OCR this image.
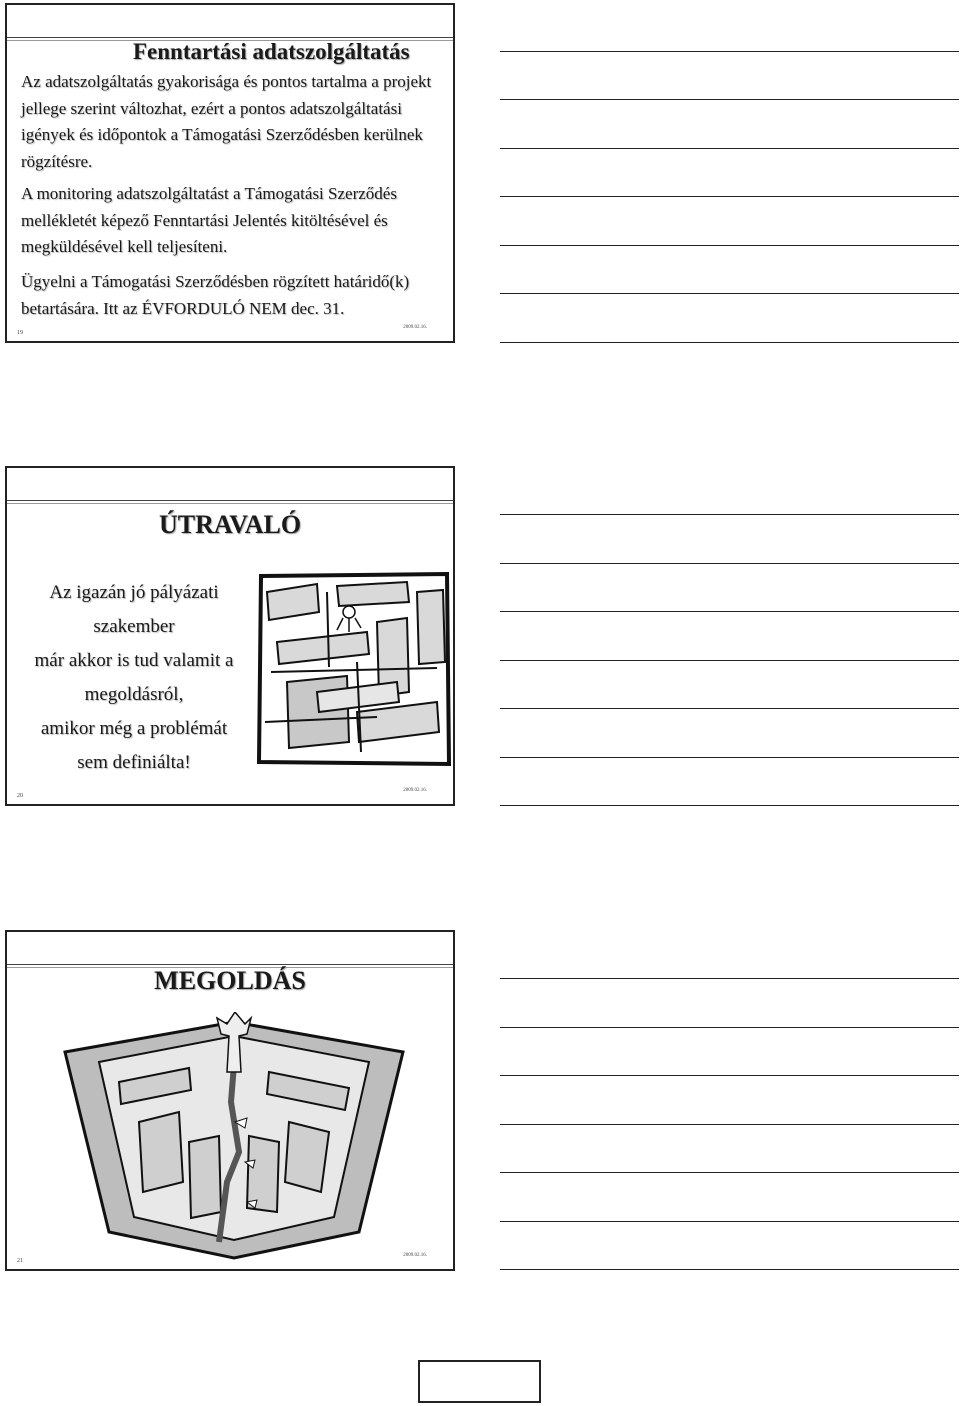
Fenntartási adatszolgáltatás
Az adatszolgáltatás gyakorisága és pontos tartalma a projekt jellege szerint változhat, ezért a pontos adatszolgáltatási igények és időpontok a Támogatási Szerződésben kerülnek rögzítésre.
A monitoring adatszolgáltatást a Támogatási Szerződés mellékletét képező Fenntartási Jelentés kitöltésével és megküldésével kell teljesíteni.
Ügyelni a Támogatási Szerződésben rögzített határidő(k) betartására. Itt az ÉVFORDULÓ NEM dec. 31.
19
2009.02.16.
ÚTRAVALÓ
Az igazán jó pályázati
szakember
már akkor is tud valamit a
megoldásról,
amikor még a problémát
sem definiálta!
20
2009.02.16.
MEGOLDÁS
21
2009.02.16.
